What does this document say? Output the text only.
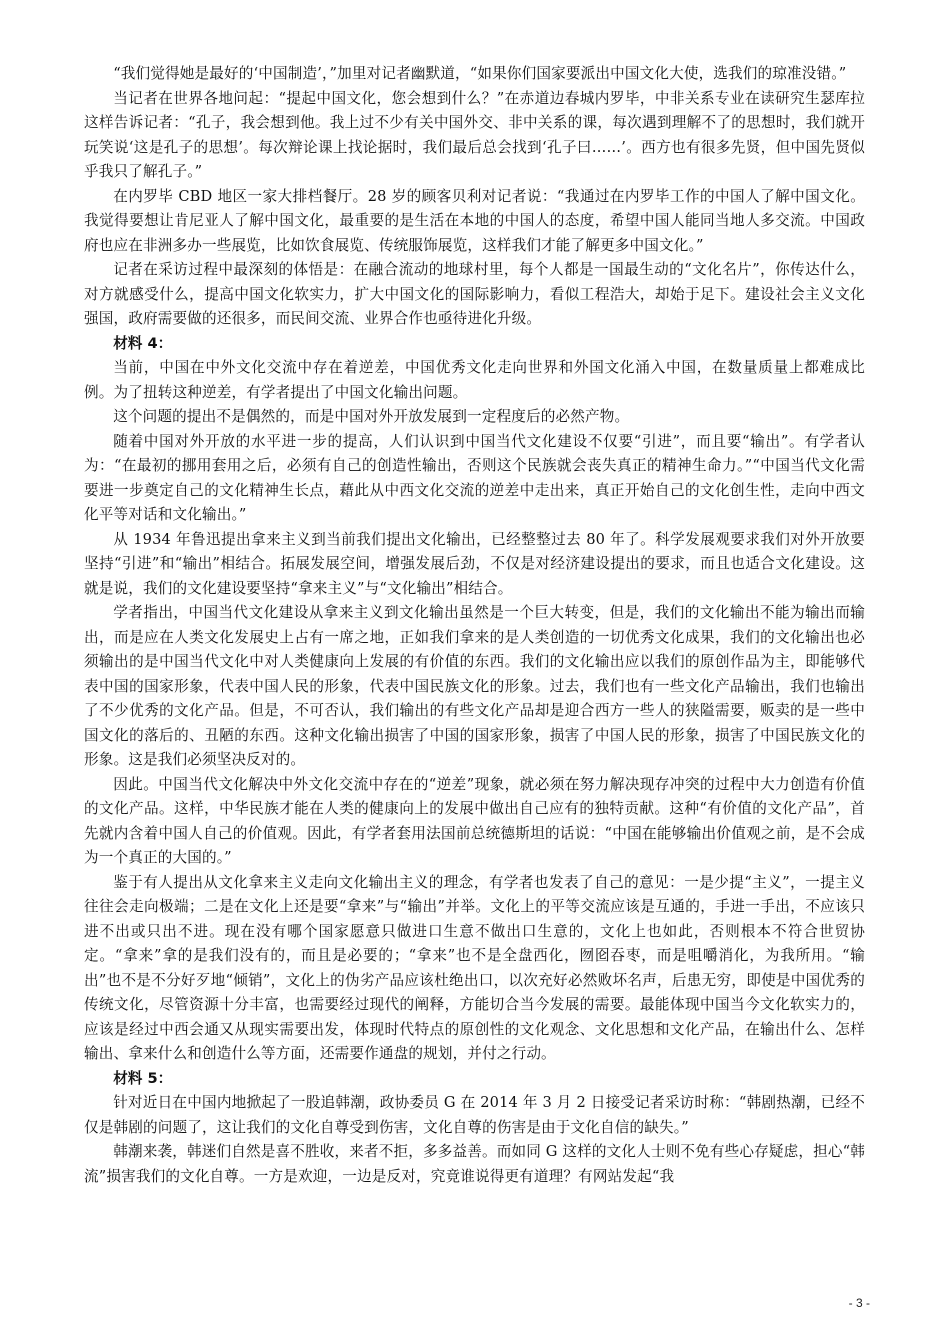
“我们觉得她是最好的‘中国制造’，”加里对记者幽默道，“如果你们国家要派出中国文化大使，选我们的琼准没错。”

当记者在世界各地问起：“提起中国文化，您会想到什么？”在赤道边春城内罗毕，中非关系专业在读研究生瑟库拉这样告诉记者：“孔子，我会想到他。我上过不少有关中国外交、非中关系的课，每次遇到理解不了的思想时，我们就开玩笑说‘这是孔子的思想’。每次辩论课上找论据时，我们最后总会找到‘孔子曰……’。西方也有很多先贤，但中国先贤似乎我只了解孔子。”

在内罗毕 CBD 地区一家大排档餐厅。28 岁的顾客贝利对记者说：“我通过在内罗毕工作的中国人了解中国文化。我觉得要想让肯尼亚人了解中国文化，最重要的是生活在本地的中国人的态度，希望中国人能同当地人多交流。中国政府也应在非洲多办一些展览，比如饮食展览、传统服饰展览，这样我们才能了解更多中国文化。”

记者在采访过程中最深刻的体悟是：在融合流动的地球村里，每个人都是一国最生动的“文化名片”，你传达什么，对方就感受什么，提高中国文化软实力，扩大中国文化的国际影响力，看似工程浩大，却始于足下。建设社会主义文化强国，政府需要做的还很多，而民间交流、业界合作也亟待进化升级。

材料 4：

当前，中国在中外文化交流中存在着逆差，中国优秀文化走向世界和外国文化涌入中国，在数量质量上都难成比例。为了扭转这种逆差，有学者提出了中国文化输出问题。

这个问题的提出不是偶然的，而是中国对外开放发展到一定程度后的必然产物。

随着中国对外开放的水平进一步的提高，人们认识到中国当代文化建设不仅要“引进”，而且要“输出”。有学者认为：“在最初的挪用套用之后，必须有自己的创造性输出，否则这个民族就会丧失真正的精神生命力。”“中国当代文化需要进一步奠定自己的文化精神生长点，藉此从中西文化交流的逆差中走出来，真正开始自己的文化创生性，走向中西文化平等对话和文化输出。”

从 1934 年鲁迅提出拿来主义到当前我们提出文化输出，已经整整过去 80 年了。科学发展观要求我们对外开放要坚持“引进”和“输出”相结合。拓展发展空间，增强发展后劲，不仅是对经济建设提出的要求，而且也适合文化建设。这就是说，我们的文化建设要坚持“拿来主义”与“文化输出”相结合。

学者指出，中国当代文化建设从拿来主义到文化输出虽然是一个巨大转变，但是，我们的文化输出不能为输出而输出，而是应在人类文化发展史上占有一席之地，正如我们拿来的是人类创造的一切优秀文化成果，我们的文化输出也必须输出的是中国当代文化中对人类健康向上发展的有价值的东西。我们的文化输出应以我们的原创作品为主，即能够代表中国的国家形象，代表中国人民的形象，代表中国民族文化的形象。过去，我们也有一些文化产品输出，我们也输出了不少优秀的文化产品。但是，不可否认，我们输出的有些文化产品却是迎合西方一些人的狭隘需要，贩卖的是一些中国文化的落后的、丑陋的东西。这种文化输出损害了中国的国家形象，损害了中国人民的形象，损害了中国民族文化的形象。这是我们必须坚决反对的。

因此。中国当代文化解决中外文化交流中存在的“逆差”现象，就必须在努力解决现存冲突的过程中大力创造有价值的文化产品。这样，中华民族才能在人类的健康向上的发展中做出自己应有的独特贡献。这种“有价值的文化产品”，首先就内含着中国人自己的价值观。因此，有学者套用法国前总统德斯坦的话说：“中国在能够输出价值观之前，是不会成为一个真正的大国的。”

鉴于有人提出从文化拿来主义走向文化输出主义的理念，有学者也发表了自己的意见：一是少提“主义”，一提主义往往会走向极端；二是在文化上还是要“拿来”与“输出”并举。文化上的平等交流应该是互通的，手进一手出，不应该只进不出或只出不进。现在没有哪个国家愿意只做进口生意不做出口生意的，文化上也如此，否则根本不符合世贸协定。“拿来”拿的是我们没有的，而且是必要的；“拿来”也不是全盘西化，囫囵吞枣，而是咀嚼消化，为我所用。“输出”也不是不分好歹地“倾销”，文化上的伪劣产品应该杜绝出口，以次充好必然败坏名声，后患无穷，即使是中国优秀的传统文化，尽管资源十分丰富，也需要经过现代的阐释，方能切合当今发展的需要。最能体现中国当今文化软实力的，应该是经过中西会通又从现实需要出发，体现时代特点的原创性的文化观念、文化思想和文化产品，在输出什么、怎样输出、拿来什么和创造什么等方面，还需要作通盘的规划，并付之行动。

材料 5：

针对近日在中国内地掀起了一股追韩潮，政协委员 G 在 2014 年 3 月 2 日接受记者采访时称：“韩剧热潮，已经不仅是韩剧的问题了，这让我们的文化自尊受到伤害，文化自尊的伤害是由于文化自信的缺失。”

韩潮来袭，韩迷们自然是喜不胜收，来者不拒，多多益善。而如同 G 这样的文化人士则不免有些心存疑虑，担心“韩流”损害我们的文化自尊。一方是欢迎，一边是反对，究竟谁说得更有道理？有网站发起“我

- 3 -
